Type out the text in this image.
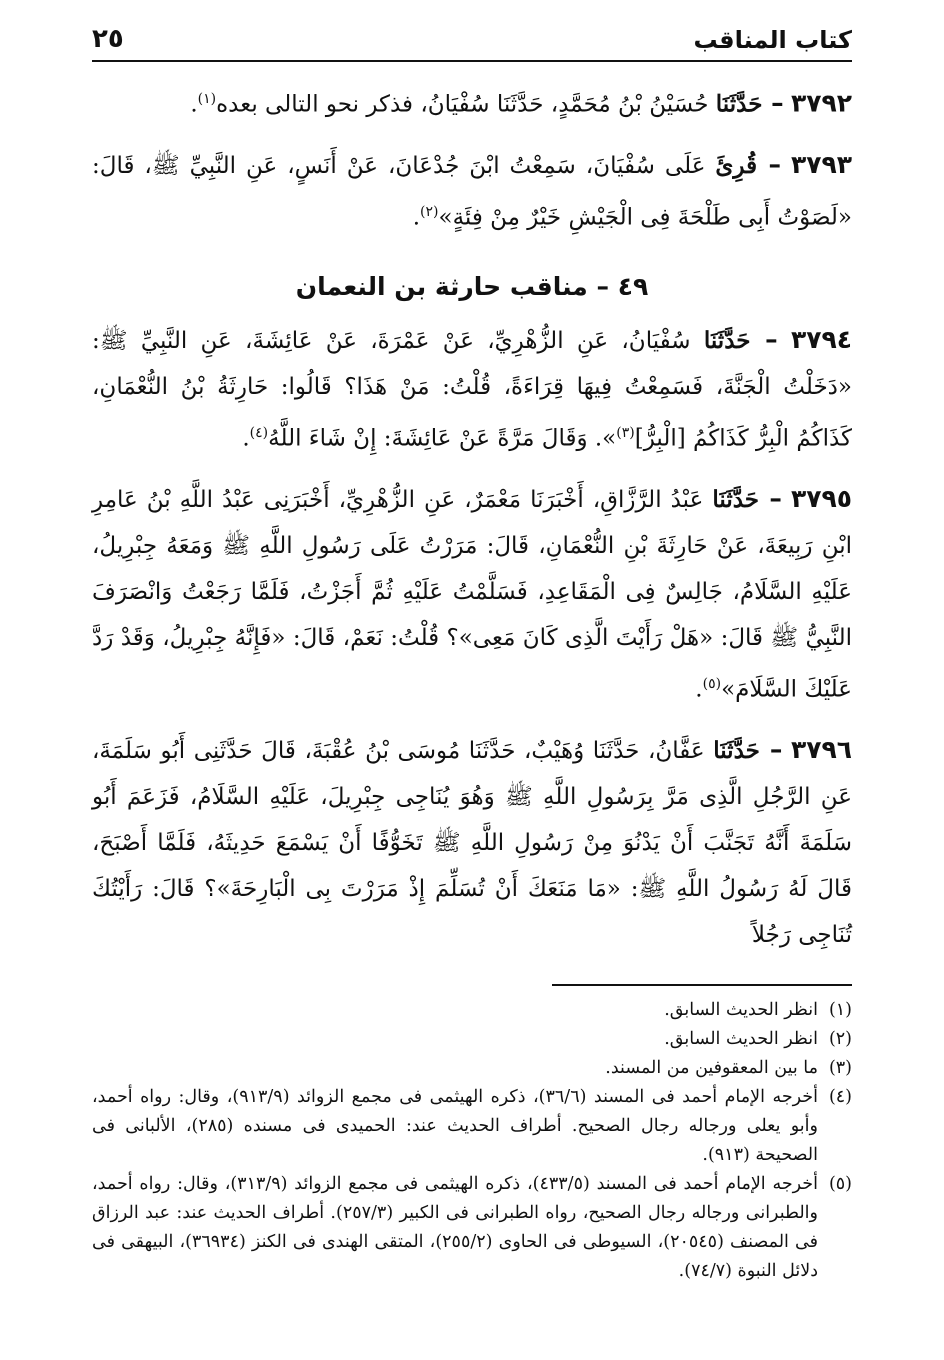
كتاب المناقب
٢٥
٣٧٩٢ – حَدَّثَنَا حُسَيْنُ بْنُ مُحَمَّدٍ، حَدَّثَنَا سُفْيَانُ، فذكر نحو التالى بعده$^{(١)}$.
٣٧٩٣ – قُرِئَ عَلَى سُفْيَانَ، سَمِعْتُ ابْنَ جُدْعَانَ، عَنْ أَنَسٍ، عَنِ النَّبِيِّ ﷺ، قَالَ: «لَصَوْتُ أَبِى طَلْحَةَ فِى الْجَيْشِ خَيْرٌ مِنْ فِئَةٍ»$^{(٢)}$.
٤٩ – مناقب حارثة بن النعمان
٣٧٩٤ – حَدَّثَنَا سُفْيَانُ، عَنِ الزُّهْرِيِّ، عَنْ عَمْرَةَ، عَنْ عَائِشَةَ، عَنِ النَّبِيِّ ﷺ: «دَخَلْتُ الْجَنَّةَ، فَسَمِعْتُ فِيهَا قِرَاءَةً، قُلْتُ: مَنْ هَذَا؟ قَالُوا: حَارِثَةُ بْنُ النُّعْمَانِ، كَذَاكُمُ الْبِرُّ كَذَاكُمُ [الْبِرُّ]$^{(٣)}$». وَقَالَ مَرَّةً عَنْ عَائِشَةَ: إِنْ شَاءَ اللَّهُ$^{(٤)}$.
٣٧٩٥ – حَدَّثَنَا عَبْدُ الرَّزَّاقِ، أَخْبَرَنَا مَعْمَرٌ، عَنِ الزُّهْرِيِّ، أَخْبَرَنِى عَبْدُ اللَّهِ بْنُ عَامِرِ ابْنِ رَبِيعَةَ، عَنْ حَارِثَةَ بْنِ النُّعْمَانِ، قَالَ: مَرَرْتُ عَلَى رَسُولِ اللَّهِ ﷺ وَمَعَهُ جِبْرِيلُ، عَلَيْهِ السَّلَامُ، جَالِسٌ فِى الْمَقَاعِدِ، فَسَلَّمْتُ عَلَيْهِ ثُمَّ أَجَزْتُ، فَلَمَّا رَجَعْتُ وَانْصَرَفَ النَّبِيُّ ﷺ قَالَ: «هَلْ رَأَيْتَ الَّذِى كَانَ مَعِى»؟ قُلْتُ: نَعَمْ، قَالَ: «فَإِنَّهُ جِبْرِيلُ، وَقَدْ رَدَّ عَلَيْكَ السَّلَامَ»$^{(٥)}$.
٣٧٩٦ – حَدَّثَنَا عَفَّانُ، حَدَّثَنَا وُهَيْبٌ، حَدَّثَنَا مُوسَى بْنُ عُقْبَةَ، قَالَ حَدَّثَنِى أَبُو سَلَمَةَ، عَنِ الرَّجُلِ الَّذِى مَرَّ بِرَسُولِ اللَّهِ ﷺ وَهُوَ يُنَاجِى جِبْرِيلَ، عَلَيْهِ السَّلَامُ، فَزَعَمَ أَبُو سَلَمَةَ أَنَّهُ تَجَنَّبَ أَنْ يَدْنُوَ مِنْ رَسُولِ اللَّهِ ﷺ تَخَوُّفًا أَنْ يَسْمَعَ حَدِيثَهُ، فَلَمَّا أَصْبَحَ، قَالَ لَهُ رَسُولُ اللَّهِ ﷺ: «مَا مَنَعَكَ أَنْ تُسَلِّمَ إِذْ مَرَرْتَ بِى الْبَارِحَةَ»؟ قَالَ: رَأَيْتُكَ تُنَاجِى رَجُلاً
(١)
انظر الحديث السابق.
(٢)
انظر الحديث السابق.
(٣)
ما بين المعقوفين من المسند.
(٤)
أخرجه الإمام أحمد فى المسند (٣٦/٦)، ذكره الهيثمى فى مجمع الزوائد (٩١٣/٩)، وقال: رواه أحمد، وأبو يعلى ورجاله رجال الصحيح. أطراف الحديث عند: الحميدى فى مسنده (٢٨٥)، الألبانى فى الصحيحة (٩١٣).
(٥)
أخرجه الإمام أحمد فى المسند (٤٣٣/٥)، ذكره الهيثمى فى مجمع الزوائد (٣١٣/٩)، وقال: رواه أحمد، والطبرانى ورجاله رجال الصحيح، رواه الطبرانى فى الكبير (٢٥٧/٣). أطراف الحديث عند: عبد الرزاق فى المصنف (٢٠٥٤٥)، السيوطى فى الحاوى (٢٥٥/٢)، المتقى الهندى فى الكنز (٣٦٩٣٤)، البيهقى فى دلائل النبوة (٧٤/٧).
